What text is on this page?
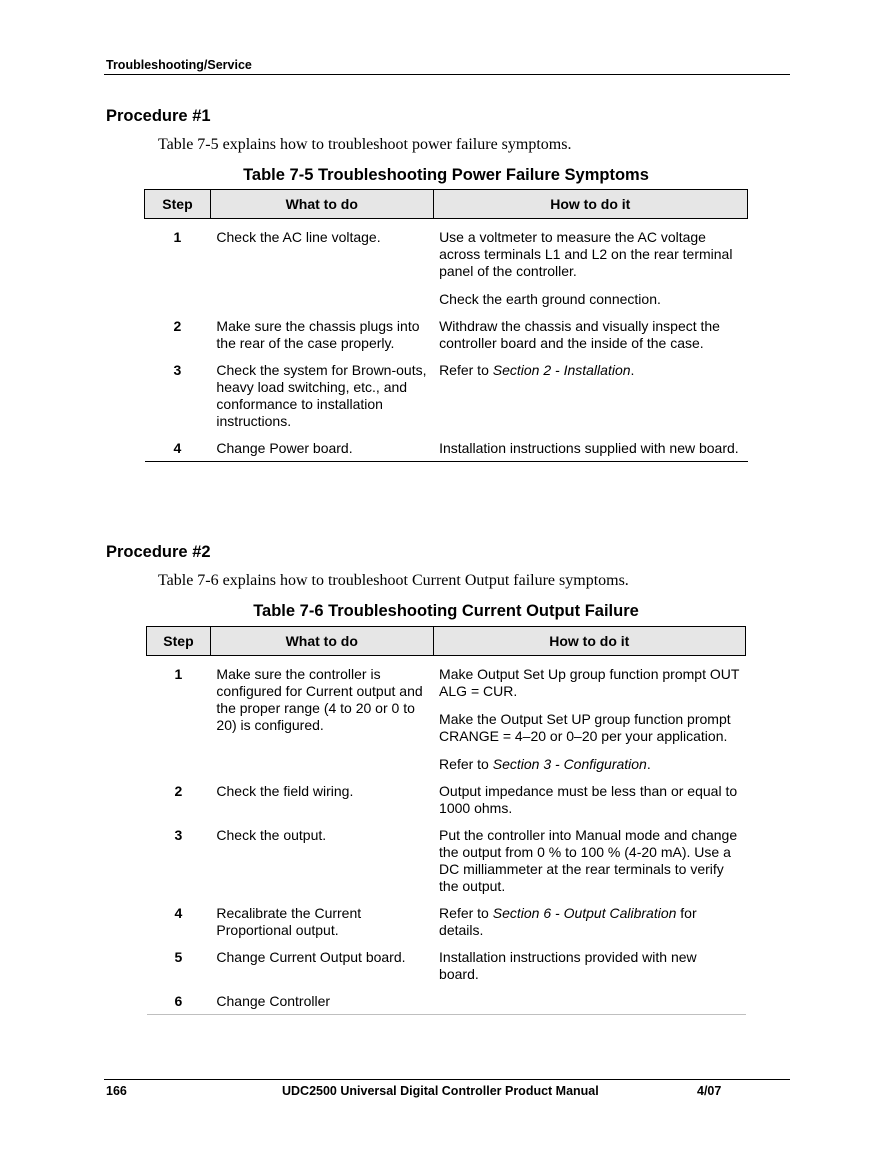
Troubleshooting/Service
Procedure #1
Table 7-5 explains how to troubleshoot power failure symptoms.
Table 7-5 Troubleshooting Power Failure Symptoms
Step	What to do	How to do it
1	Check the AC line voltage.	Use a voltmeter to measure the AC voltage across terminals L1 and L2 on the rear terminal panel of the controller.

Check the earth ground connection.

2	Make sure the chassis plugs into the rear of the case properly.	Withdraw the chassis and visually inspect the controller board and the inside of the case.

3	Check the system for Brown-outs, heavy load switching, etc., and conformance to installation instructions.	Refer to Section 2 - Installation.

4	Change Power board.	Installation instructions supplied with new board.

Procedure #2
Table 7-6 explains how to troubleshoot Current Output failure symptoms.
Table 7-6 Troubleshooting Current Output Failure
Step	What to do	How to do it
1	Make sure the controller is configured for Current output and the proper range (4 to 20 or 0 to 20) is configured.	Make Output Set Up group function prompt OUT ALG = CUR.

Make the Output Set UP group function prompt CRANGE = 4–20 or 0–20 per your application.

Refer to Section 3 - Configuration.

2	Check the field wiring.	Output impedance must be less than or equal to 1000 ohms.

3	Check the output.	Put the controller into Manual mode and change the output from 0 % to 100 % (4-20 mA). Use a DC milliammeter at the rear terminals to verify the output.

4	Recalibrate the Current Proportional output.	Refer to Section 6 - Output Calibration for details.

5	Change Current Output board.	Installation instructions provided with new board.

6	Change Controller	
166	UDC2500 Universal Digital Controller Product Manual	4/07
